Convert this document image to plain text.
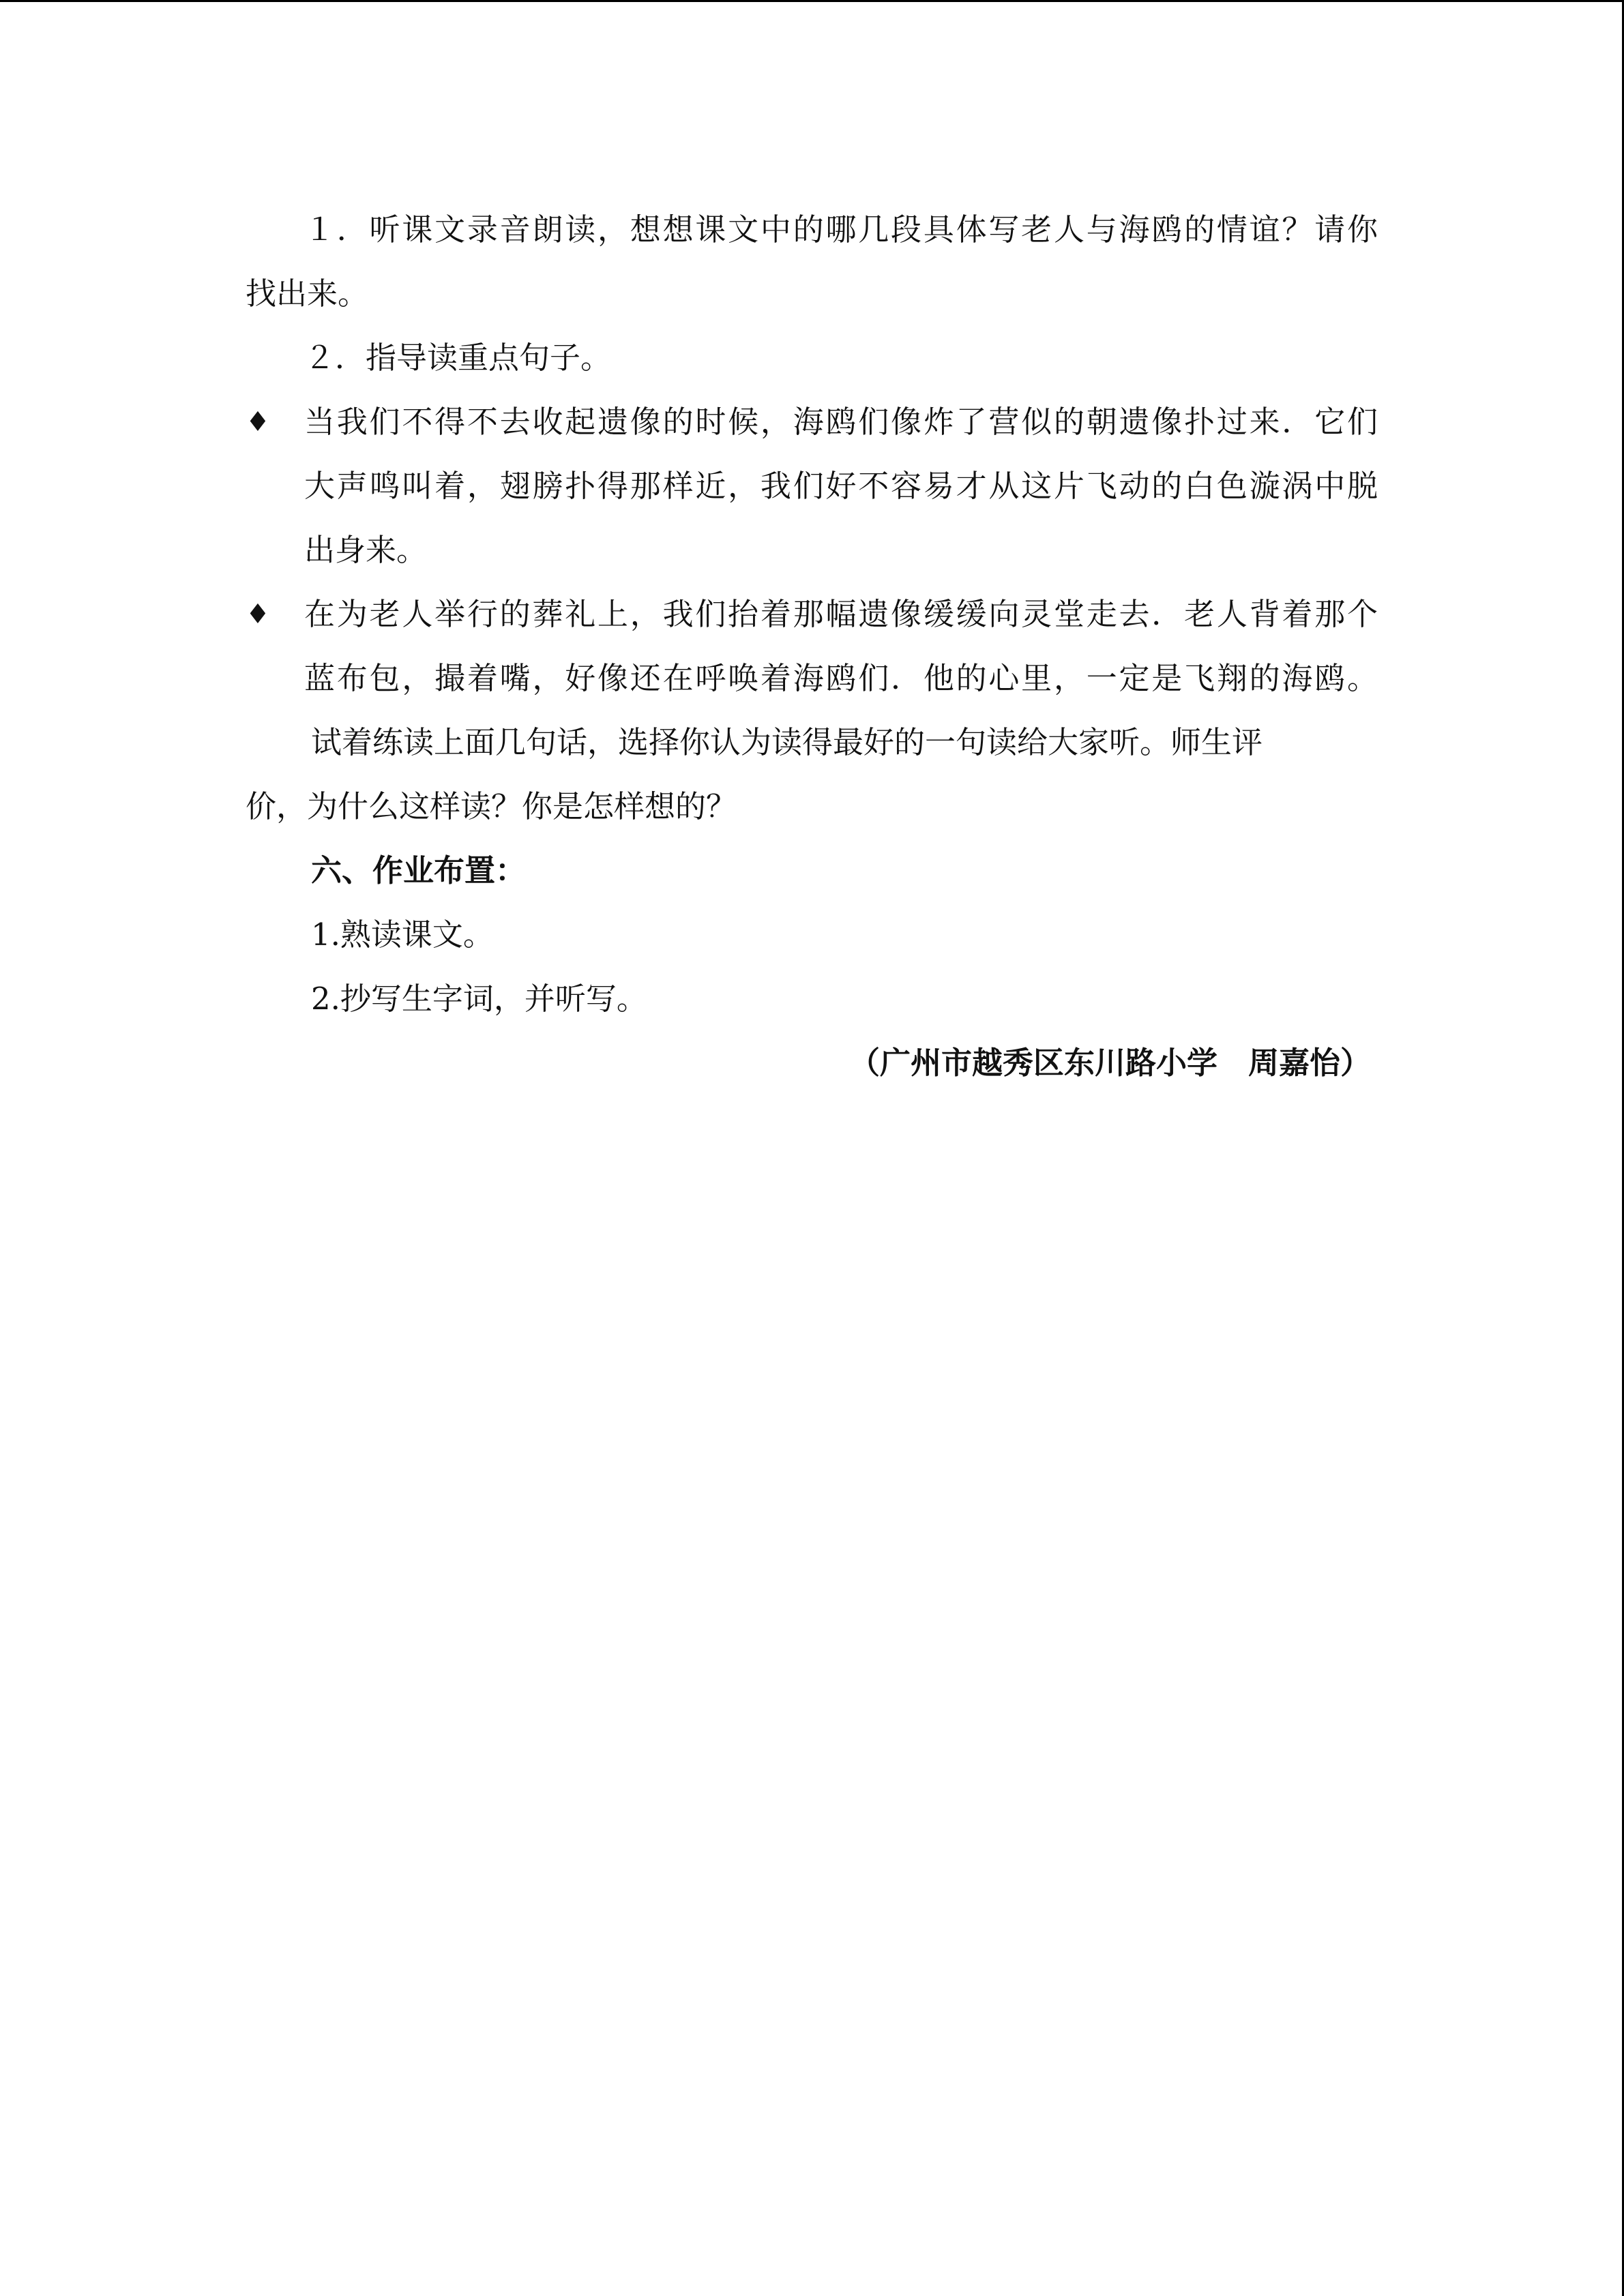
１．听课文录音朗读，想想课文中的哪几段具体写老人与海鸥的情谊？请你
找出来。
２．指导读重点句子。
♦ 当我们不得不去收起遗像的时候，海鸥们像炸了营似的朝遗像扑过来．它们
大声鸣叫着，翅膀扑得那样近，我们好不容易才从这片飞动的白色漩涡中脱
出身来。
♦ 在为老人举行的葬礼上，我们抬着那幅遗像缓缓向灵堂走去．老人背着那个
蓝布包，撮着嘴，好像还在呼唤着海鸥们．他的心里，一定是飞翔的海鸥。
试着练读上面几句话，选择你认为读得最好的一句读给大家听。师生评
价，为什么这样读？你是怎样想的？
六、作业布置：
1.熟读课文。
2.抄写生字词，并听写。
（广州市越秀区东川路小学　周嘉怡）
